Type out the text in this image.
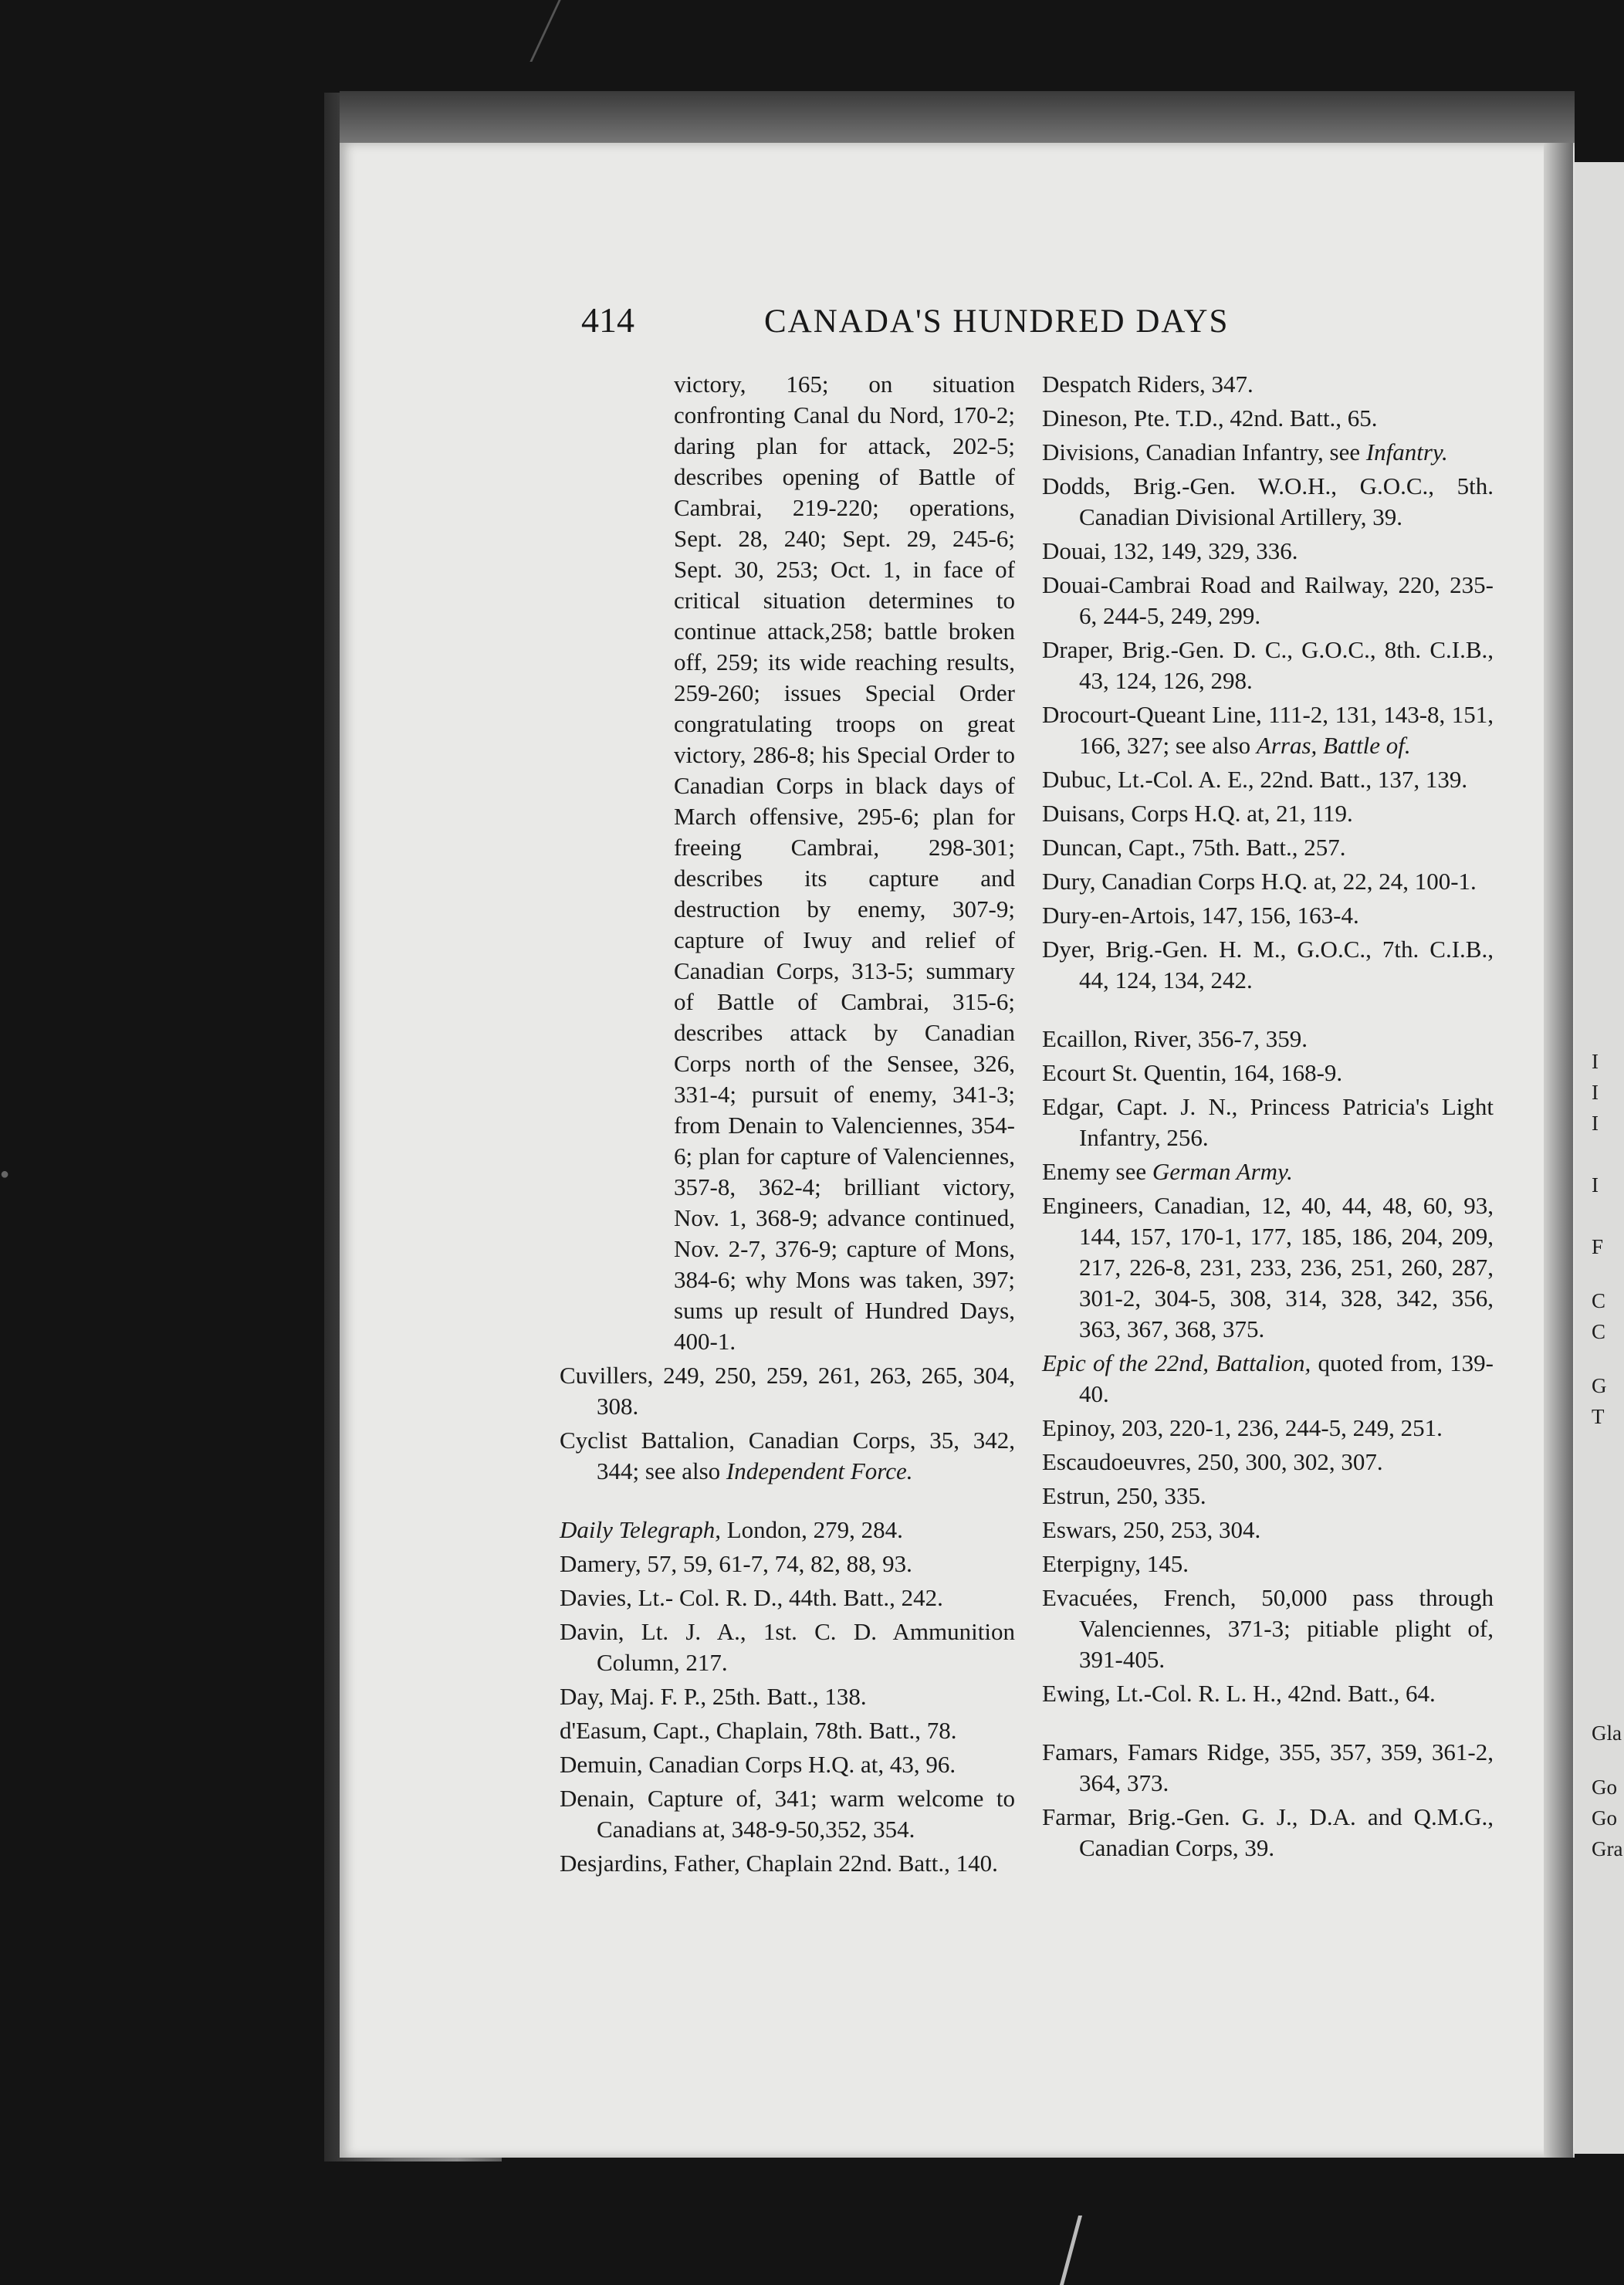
I
I
I
I
F
C
C
G
T
Gla
Go
Go
Gra
●
414	CANADA'S HUNDRED DAYS
victory, 165; on situation confronting Canal du Nord, 170-2; daring plan for attack, 202-5; describes opening of Battle of Cambrai, 219-220; operations, Sept. 28, 240; Sept. 29, 245-6; Sept. 30, 253; Oct. 1, in face of critical situation determines to continue attack,258; battle broken off, 259; its wide reaching results, 259-260; issues Special Order congratulating troops on great victory, 286-8; his Special Order to Canadian Corps in black days of March offensive, 295-6; plan for freeing Cambrai, 298-301; describes its capture and destruction by enemy, 307-9; capture of Iwuy and relief of Canadian Corps, 313-5; summary of Battle of Cambrai, 315-6; describes attack by Canadian Corps north of the Sensee, 326, 331-4; pursuit of enemy, 341-3; from Denain to Valenciennes, 354-6; plan for capture of Valenciennes, 357-8, 362-4; brilliant victory, Nov. 1, 368-9; advance continued, Nov. 2-7, 376-9; capture of Mons, 384-6; why Mons was taken, 397; sums up result of Hundred Days, 400-1.

Cuvillers, 249, 250, 259, 261, 263, 265, 304, 308.

Cyclist Battalion, Canadian Corps, 35, 342, 344; see also Independent Force.

Daily Telegraph, London, 279, 284.

Damery, 57, 59, 61-7, 74, 82, 88, 93.

Davies, Lt.- Col. R. D., 44th. Batt., 242.

Davin, Lt. J. A., 1st. C. D. Ammunition Column, 217.

Day, Maj. F. P., 25th. Batt., 138.

d'Easum, Capt., Chaplain, 78th. Batt., 78.

Demuin, Canadian Corps H.Q. at, 43, 96.

Denain, Capture of, 341; warm welcome to Canadians at, 348-9-50,352, 354.

Desjardins, Father, Chaplain 22nd. Batt., 140.

Despatch Riders, 347.

Dineson, Pte. T.D., 42nd. Batt., 65.

Divisions, Canadian Infantry, see Infantry.

Dodds, Brig.-Gen. W.O.H., G.O.C., 5th. Canadian Divisional Artillery, 39.

Douai, 132, 149, 329, 336.

Douai-Cambrai Road and Railway, 220, 235-6, 244-5, 249, 299.

Draper, Brig.-Gen. D. C., G.O.C., 8th. C.I.B., 43, 124, 126, 298.

Drocourt-Queant Line, 111-2, 131, 143-8, 151, 166, 327; see also Arras, Battle of.

Dubuc, Lt.-Col. A. E., 22nd. Batt., 137, 139.

Duisans, Corps H.Q. at, 21, 119.

Duncan, Capt., 75th. Batt., 257.

Dury, Canadian Corps H.Q. at, 22, 24, 100-1.

Dury-en-Artois, 147, 156, 163-4.

Dyer, Brig.-Gen. H. M., G.O.C., 7th. C.I.B., 44, 124, 134, 242.

Ecaillon, River, 356-7, 359.

Ecourt St. Quentin, 164, 168-9.

Edgar, Capt. J. N., Princess Patricia's Light Infantry, 256.

Enemy see German Army.

Engineers, Canadian, 12, 40, 44, 48, 60, 93, 144, 157, 170-1, 177, 185, 186, 204, 209, 217, 226-8, 231, 233, 236, 251, 260, 287, 301-2, 304-5, 308, 314, 328, 342, 356, 363, 367, 368, 375.

Epic of the 22nd, Battalion, quoted from, 139-40.

Epinoy, 203, 220-1, 236, 244-5, 249, 251.

Escaudoeuvres, 250, 300, 302, 307.

Estrun, 250, 335.

Eswars, 250, 253, 304.

Eterpigny, 145.

Evacuées, French, 50,000 pass through Valenciennes, 371-3; pitiable plight of, 391-405.

Ewing, Lt.-Col. R. L. H., 42nd. Batt., 64.

Famars, Famars Ridge, 355, 357, 359, 361-2, 364, 373.

Farmar, Brig.-Gen. G. J., D.A. and Q.M.G., Canadian Corps, 39.
